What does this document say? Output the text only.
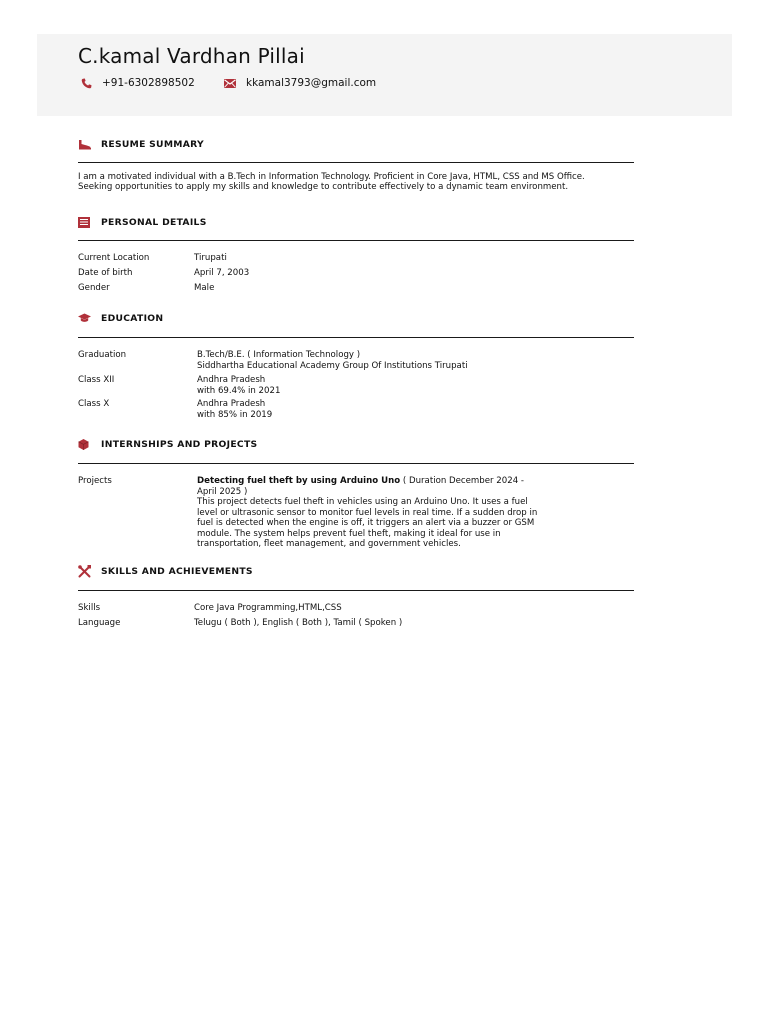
C.kamal Vardhan Pillai
+91-6302898502	kkamal3793@gmail.com
RESUME SUMMARY
I am a motivated individual with a B.Tech in Information Technology. Proficient in Core Java, HTML, CSS and MS Office.
Seeking opportunities to apply my skills and knowledge to contribute effectively to a dynamic team environment.
PERSONAL DETAILS
Current Location	Tirupati
Date of birth	April 7, 2003
Gender	Male
EDUCATION
Graduation	B.Tech/B.E. ( Information Technology )
Siddhartha Educational Academy Group Of Institutions Tirupati
Class XII	Andhra Pradesh
with 69.4% in 2021
Class X	Andhra Pradesh
with 85% in 2019
INTERNSHIPS AND PROJECTS
Projects	Detecting fuel theft by using Arduino Uno ( Duration December 2024 -
April 2025 )
This project detects fuel theft in vehicles using an Arduino Uno. It uses a fuel
level or ultrasonic sensor to monitor fuel levels in real time. If a sudden drop in
fuel is detected when the engine is off, it triggers an alert via a buzzer or GSM
module. The system helps prevent fuel theft, making it ideal for use in
transportation, fleet management, and government vehicles.
SKILLS AND ACHIEVEMENTS
Skills	Core Java Programming,HTML,CSS
Language	Telugu ( Both ), English ( Both ), Tamil ( Spoken )
